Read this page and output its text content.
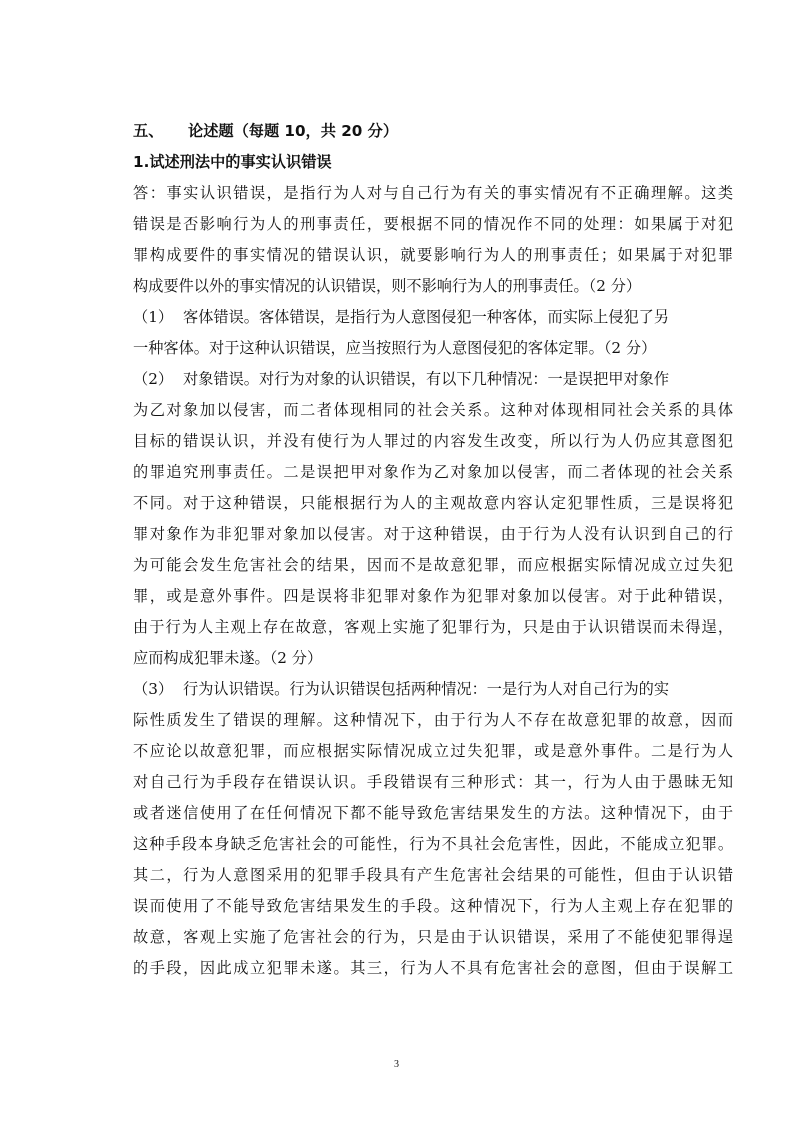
五、 论述题（每题 10，共 20 分）
1.试述刑法中的事实认识错误
答：事实认识错误，是指行为人对与自己行为有关的事实情况有不正确理解。这类
错误是否影响行为人的刑事责任，要根据不同的情况作不同的处理：如果属于对犯
罪构成要件的事实情况的错误认识，就要影响行为人的刑事责任；如果属于对犯罪
构成要件以外的事实情况的认识错误，则不影响行为人的刑事责任。（2 分）
（1） 客体错误。客体错误，是指行为人意图侵犯一种客体，而实际上侵犯了另
一种客体。对于这种认识错误，应当按照行为人意图侵犯的客体定罪。（2 分）
（2） 对象错误。对行为对象的认识错误，有以下几种情况：一是误把甲对象作
为乙对象加以侵害，而二者体现相同的社会关系。这种对体现相同社会关系的具体
目标的错误认识，并没有使行为人罪过的内容发生改变，所以行为人仍应其意图犯
的罪追究刑事责任。二是误把甲对象作为乙对象加以侵害，而二者体现的社会关系
不同。对于这种错误，只能根据行为人的主观故意内容认定犯罪性质，三是误将犯
罪对象作为非犯罪对象加以侵害。对于这种错误，由于行为人没有认识到自己的行
为可能会发生危害社会的结果，因而不是故意犯罪，而应根据实际情况成立过失犯
罪，或是意外事件。四是误将非犯罪对象作为犯罪对象加以侵害。对于此种错误，
由于行为人主观上存在故意，客观上实施了犯罪行为，只是由于认识错误而未得逞，
应而构成犯罪未遂。（2 分）
（3） 行为认识错误。行为认识错误包括两种情况：一是行为人对自己行为的实
际性质发生了错误的理解。这种情况下，由于行为人不存在故意犯罪的故意，因而
不应论以故意犯罪，而应根据实际情况成立过失犯罪，或是意外事件。二是行为人
对自己行为手段存在错误认识。手段错误有三种形式：其一，行为人由于愚昧无知
或者迷信使用了在任何情况下都不能导致危害结果发生的方法。这种情况下，由于
这种手段本身缺乏危害社会的可能性，行为不具社会危害性，因此，不能成立犯罪。
其二，行为人意图采用的犯罪手段具有产生危害社会结果的可能性，但由于认识错
误而使用了不能导致危害结果发生的手段。这种情况下，行为人主观上存在犯罪的
故意，客观上实施了危害社会的行为，只是由于认识错误，采用了不能使犯罪得逞
的手段，因此成立犯罪未遂。其三，行为人不具有危害社会的意图，但由于误解工
3
